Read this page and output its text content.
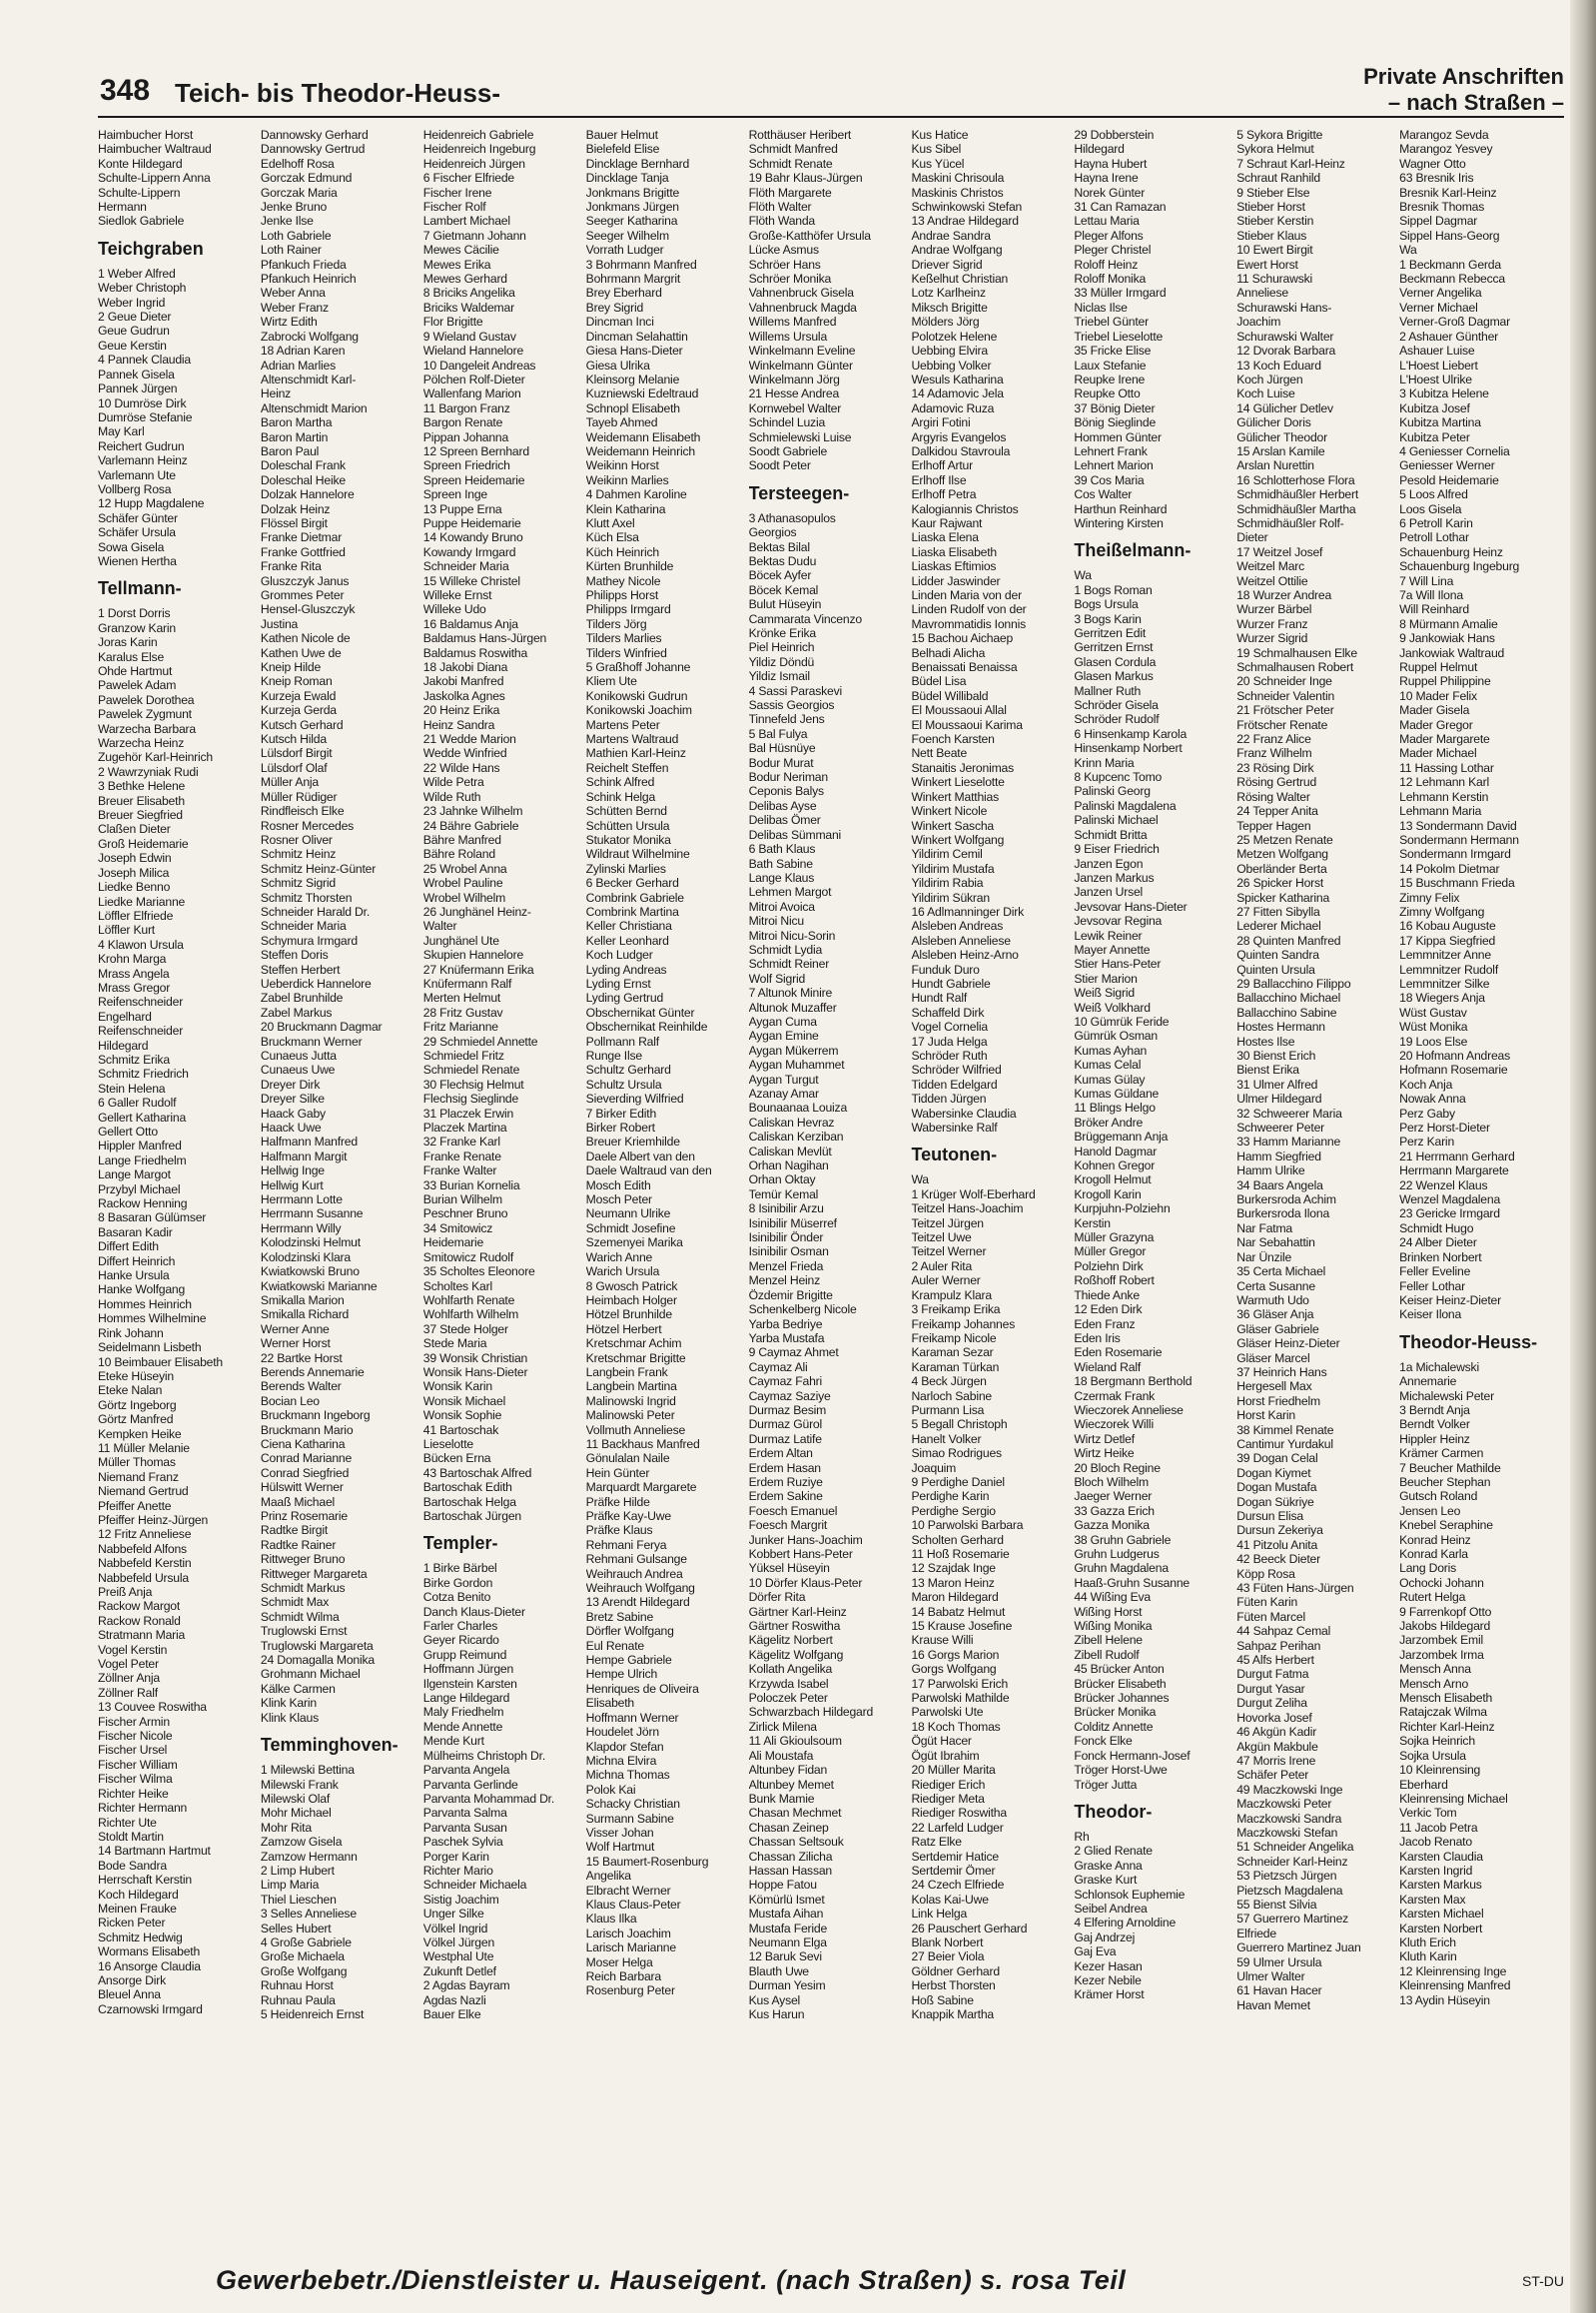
348 Teich- bis Theodor-Heuss-
Private Anschriften
– nach Straßen –
Haimbucher Horst
Haimbucher Waltraud
Konte Hildegard
Schulte-Lippern Anna
Schulte-Lippern
Hermann
Siedlok Gabriele
Teichgraben
1 Weber Alfred
Weber Christoph
Weber Ingrid
2 Geue Dieter
Geue Gudrun
Geue Kerstin
4 Pannek Claudia
Pannek Gisela
Pannek Jürgen
10 Dumröse Dirk
Dumröse Stefanie
May Karl
Reichert Gudrun
Varlemann Heinz
Varlemann Ute
Vollberg Rosa
12 Hupp Magdalene
Schäfer Günter
Schäfer Ursula
Sowa Gisela
Wienen Hertha
Tellmann-
1 Dorst Dorris
Granzow Karin
Joras Karin
Karalus Else
Ohde Hartmut
Pawelek Adam
Pawelek Dorothea
Pawelek Zygmunt
Warzecha Barbara
Warzecha Heinz
Zugehör Karl-Heinrich
2 Wawrzyniak Rudi
3 Bethke Helene
Breuer Elisabeth
Breuer Siegfried
Claßen Dieter
Groß Heidemarie
Joseph Edwin
Joseph Milica
Liedke Benno
Liedke Marianne
Löffler Elfriede
Löffler Kurt
4 Klawon Ursula
Krohn Marga
Mrass Angela
Mrass Gregor
Reifenschneider
Engelhard
Reifenschneider
Hildegard
Schmitz Erika
Schmitz Friedrich
Stein Helena
6 Galler Rudolf
Gellert Katharina
Gellert Otto
Hippler Manfred
Lange Friedhelm
Lange Margot
Przybyl Michael
Rackow Henning
8 Basaran Gülümser
Basaran Kadir
Differt Edith
Differt Heinrich
Hanke Ursula
Hanke Wolfgang
Hommes Heinrich
Hommes Wilhelmine
Rink Johann
Seidelmann Lisbeth
10 Beimbauer Elisabeth
Eteke Hüseyin
Eteke Nalan
Görtz Ingeborg
Görtz Manfred
Kempken Heike
11 Müller Melanie
Müller Thomas
Niemand Franz
Niemand Gertrud
Pfeiffer Anette
Pfeiffer Heinz-Jürgen
12 Fritz Anneliese
Nabbefeld Alfons
Nabbefeld Kerstin
Nabbefeld Ursula
Preiß Anja
Rackow Margot
Rackow Ronald
Stratmann Maria
Vogel Kerstin
Vogel Peter
Zöllner Anja
Zöllner Ralf
13 Couvee Roswitha
Fischer Armin
Fischer Nicole
Fischer Ursel
Fischer William
Fischer Wilma
Richter Heike
Richter Hermann
Richter Ute
Stoldt Martin
14 Bartmann Hartmut
Bode Sandra
Herrschaft Kerstin
Koch Hildegard
Meinen Frauke
Ricken Peter
Schmitz Hedwig
Wormans Elisabeth
16 Ansorge Claudia
Ansorge Dirk
Bleuel Anna
Czarnowski Irmgard
Dannowsky Gerhard
Dannowsky Gertrud
Edelhoff Rosa
Gorczak Edmund
Gorczak Maria
Jenke Bruno
Jenke Ilse
Loth Gabriele
Loth Rainer
Pfankuch Frieda
Pfankuch Heinrich
Weber Anna
Weber Franz
Wirtz Edith
Zabrocki Wolfgang
18 Adrian Karen
Adrian Marlies
Altenschmidt Karl-
Heinz
Altenschmidt Marion
Baron Martha
Baron Martin
Baron Paul
Doleschal Frank
Doleschal Heike
Dolzak Hannelore
Dolzak Heinz
Flössel Birgit
Franke Dietmar
Franke Gottfried
Franke Rita
Gluszczyk Janus
Grommes Peter
Hensel-Gluszczyk
Justina
Kathen Nicole de
Kathen Uwe de
Kneip Hilde
Kneip Roman
Kurzeja Ewald
Kurzeja Gerda
Kutsch Gerhard
Kutsch Hilda
Lülsdorf Birgit
Lülsdorf Olaf
Müller Anja
Müller Rüdiger
Rindfleisch Elke
Rosner Mercedes
Rosner Oliver
Schmitz Heinz
Schmitz Heinz-Günter
Schmitz Sigrid
Schmitz Thorsten
Schneider Harald Dr.
Schneider Maria
Schymura Irmgard
Steffen Doris
Steffen Herbert
Ueberdick Hannelore
Zabel Brunhilde
Zabel Markus
20 Bruckmann Dagmar
Bruckmann Werner
Cunaeus Jutta
Cunaeus Uwe
Dreyer Dirk
Dreyer Silke
Haack Gaby
Haack Uwe
Halfmann Manfred
Halfmann Margit
Hellwig Inge
Hellwig Kurt
Herrmann Lotte
Herrmann Susanne
Herrmann Willy
Kolodzinski Helmut
Kolodzinski Klara
Kwiatkowski Bruno
Kwiatkowski Marianne
Smikalla Marion
Smikalla Richard
Werner Anne
Werner Horst
22 Bartke Horst
Berends Annemarie
Berends Walter
Bocian Leo
Bruckmann Ingeborg
Bruckmann Mario
Ciena Katharina
Conrad Marianne
Conrad Siegfried
Hülswitt Werner
Maaß Michael
Prinz Rosemarie
Radtke Birgit
Radtke Rainer
Rittweger Bruno
Rittweger Margareta
Schmidt Markus
Schmidt Max
Schmidt Wilma
Truglowski Ernst
Truglowski Margareta
24 Domagalla Monika
Grohmann Michael
Kälke Carmen
Klink Karin
Klink Klaus
Temminghoven-
1 Milewski Bettina
Milewski Frank
Milewski Olaf
Mohr Michael
Mohr Rita
Zamzow Gisela
Zamzow Hermann
2 Limp Hubert
Limp Maria
Thiel Lieschen
3 Selles Anneliese
Selles Hubert
4 Große Gabriele
Große Michaela
Große Wolfgang
Ruhnau Horst
Ruhnau Paula
5 Heidenreich Ernst
Heidenreich Gabriele
Heidenreich Ingeburg
Heidenreich Jürgen
6 Fischer Elfriede
Fischer Irene
Fischer Rolf
Lambert Michael
7 Gietmann Johann
Mewes Cäcilie
Mewes Erika
Mewes Gerhard
8 Briciks Angelika
Briciks Waldemar
Flor Brigitte
9 Wieland Gustav
Wieland Hannelore
10 Dangeleit Andreas
Pölchen Rolf-Dieter
Wallenfang Marion
11 Bargon Franz
Bargon Renate
Pippan Johanna
12 Spreen Bernhard
Spreen Friedrich
Spreen Heidemarie
Spreen Inge
13 Puppe Erna
Puppe Heidemarie
14 Kowandy Bruno
Kowandy Irmgard
Schneider Maria
15 Willeke Christel
Willeke Ernst
Willeke Udo
16 Baldamus Anja
Baldamus Hans-Jürgen
Baldamus Roswitha
18 Jakobi Diana
Jakobi Manfred
Jaskolka Agnes
20 Heinz Erika
Heinz Sandra
21 Wedde Marion
Wedde Winfried
22 Wilde Hans
Wilde Petra
Wilde Ruth
23 Jahnke Wilhelm
24 Bähre Gabriele
Bähre Manfred
Bähre Roland
25 Wrobel Anna
Wrobel Pauline
Wrobel Wilhelm
26 Junghänel Heinz-
Walter
Junghänel Ute
Skupien Hannelore
27 Knüfermann Erika
Knüfermann Ralf
Merten Helmut
28 Fritz Gustav
Fritz Marianne
29 Schmiedel Annette
Schmiedel Fritz
Schmiedel Renate
30 Flechsig Helmut
Flechsig Sieglinde
31 Placzek Erwin
Placzek Martina
32 Franke Karl
Franke Renate
Franke Walter
33 Burian Kornelia
Burian Wilhelm
Peschner Bruno
34 Smitowicz
Heidemarie
Smitowicz Rudolf
35 Scholtes Eleonore
Scholtes Karl
Wohlfarth Renate
Wohlfarth Wilhelm
37 Stede Holger
Stede Maria
39 Wonsik Christian
Wonsik Hans-Dieter
Wonsik Karin
Wonsik Michael
Wonsik Sophie
41 Bartoschak
Lieselotte
Bücken Erna
43 Bartoschak Alfred
Bartoschak Edith
Bartoschak Helga
Bartoschak Jürgen
Templer-
1 Birke Bärbel
Birke Gordon
Cotza Benito
Danch Klaus-Dieter
Farler Charles
Geyer Ricardo
Grupp Reimund
Hoffmann Jürgen
Ilgenstein Karsten
Lange Hildegard
Maly Friedhelm
Mende Annette
Mende Kurt
Mülheims Christoph Dr.
Parvanta Angela
Parvanta Gerlinde
Parvanta Mohammad Dr.
Parvanta Salma
Parvanta Susan
Paschek Sylvia
Porger Karin
Richter Mario
Schneider Michaela
Sistig Joachim
Unger Silke
Völkel Ingrid
Völkel Jürgen
Westphal Ute
Zukunft Detlef
2 Agdas Bayram
Agdas Nazli
Bauer Elke
Bauer Helmut
Bielefeld Elise
Dincklage Bernhard
Dincklage Tanja
Jonkmans Brigitte
Jonkmans Jürgen
Seeger Katharina
Seeger Wilhelm
Vorrath Ludger
3 Bohrmann Manfred
Bohrmann Margrit
Brey Eberhard
Brey Sigrid
Dincman Inci
Dincman Selahattin
Giesa Hans-Dieter
Giesa Ulrika
Kleinsorg Melanie
Kuzniewski Edeltraud
Schnopl Elisabeth
Tayeb Ahmed
Weidemann Elisabeth
Weidemann Heinrich
Weikinn Horst
Weikinn Marlies
4 Dahmen Karoline
Klein Katharina
Klutt Axel
Küch Elsa
Küch Heinrich
Kürten Brunhilde
Mathey Nicole
Philipps Horst
Philipps Irmgard
Tilders Jörg
Tilders Marlies
Tilders Winfried
5 Graßhoff Johanne
Kliem Ute
Konikowski Gudrun
Konikowski Joachim
Martens Peter
Martens Waltraud
Mathien Karl-Heinz
Reichelt Steffen
Schink Alfred
Schink Helga
Schütten Bernd
Schütten Ursula
Stukator Monika
Wildraut Wilhelmine
Zylinski Marlies
6 Becker Gerhard
Combrink Gabriele
Combrink Martina
Keller Christiana
Keller Leonhard
Koch Ludger
Lyding Andreas
Lyding Ernst
Lyding Gertrud
Obschernikat Günter
Obschernikat Reinhilde
Pollmann Ralf
Runge Ilse
Schultz Gerhard
Schultz Ursula
Sieverding Wilfried
7 Birker Edith
Birker Robert
Breuer Kriemhilde
Daele Albert van den
Daele Waltraud van den
Mosch Edith
Mosch Peter
Neumann Ulrike
Schmidt Josefine
Szemenyei Marika
Warich Anne
Warich Ursula
8 Gwosch Patrick
Heimbach Holger
Hötzel Brunhilde
Hötzel Herbert
Kretschmar Achim
Kretschmar Brigitte
Langbein Frank
Langbein Martina
Malinowski Ingrid
Malinowski Peter
Vollmuth Anneliese
11 Backhaus Manfred
Gönulalan Naile
Hein Günter
Marquardt Margarete
Präfke Hilde
Präfke Kay-Uwe
Präfke Klaus
Rehmani Ferya
Rehmani Gulsange
Weihrauch Andrea
Weihrauch Wolfgang
13 Arendt Hildegard
Bretz Sabine
Dörfler Wolfgang
Eul Renate
Hempe Gabriele
Hempe Ulrich
Henriques de Oliveira
Elisabeth
Hoffmann Werner
Houdelet Jörn
Klapdor Stefan
Michna Elvira
Michna Thomas
Polok Kai
Schacky Christian
Surmann Sabine
Visser Johan
Wolf Hartmut
15 Baumert-Rosenburg
Angelika
Elbracht Werner
Klaus Claus-Peter
Klaus Ilka
Larisch Joachim
Larisch Marianne
Moser Helga
Reich Barbara
Rosenburg Peter
Rotthäuser Heribert
Schmidt Manfred
Schmidt Renate
19 Bahr Klaus-Jürgen
Flöth Margarete
Flöth Walter
Flöth Wanda
Große-Katthöfer Ursula
Lücke Asmus
Schröer Hans
Schröer Monika
Vahnenbruck Gisela
Vahnenbruck Magda
Willems Manfred
Willems Ursula
Winkelmann Eveline
Winkelmann Günter
Winkelmann Jörg
21 Hesse Andrea
Kornwebel Walter
Schindel Luzia
Schmielewski Luise
Soodt Gabriele
Soodt Peter
Tersteegen-
3 Athanasopulos
Georgios
Bektas Bilal
Bektas Dudu
Böcek Ayfer
Böcek Kemal
Bulut Hüseyin
Cammarata Vincenzo
Krönke Erika
Piel Heinrich
Yildiz Döndü
Yildiz Ismail
4 Sassi Paraskevi
Sassis Georgios
Tinnefeld Jens
5 Bal Fulya
Bal Hüsnüye
Bodur Murat
Bodur Neriman
Ceponis Balys
Delibas Ayse
Delibas Ömer
Delibas Sümmani
6 Bath Klaus
Bath Sabine
Lange Klaus
Lehmen Margot
Mitroi Avoica
Mitroi Nicu
Mitroi Nicu-Sorin
Schmidt Lydia
Schmidt Reiner
Wolf Sigrid
7 Altunok Minire
Altunok Muzaffer
Aygan Cuma
Aygan Emine
Aygan Mükerrem
Aygan Muhammet
Aygan Turgut
Azanay Amar
Bounaanaa Louiza
Caliskan Hevraz
Caliskan Kerziban
Caliskan Mevlüt
Orhan Nagihan
Orhan Oktay
Temür Kemal
8 Isinibilir Arzu
Isinibilir Müserref
Isinibilir Önder
Isinibilir Osman
Menzel Frieda
Menzel Heinz
Özdemir Brigitte
Schenkelberg Nicole
Yarba Bedriye
Yarba Mustafa
9 Caymaz Ahmet
Caymaz Ali
Caymaz Fahri
Caymaz Saziye
Durmaz Besim
Durmaz Gürol
Durmaz Latife
Erdem Altan
Erdem Hasan
Erdem Ruziye
Erdem Sakine
Foesch Emanuel
Foesch Margrit
Junker Hans-Joachim
Kobbert Hans-Peter
Yüksel Hüseyin
10 Dörfer Klaus-Peter
Dörfer Rita
Gärtner Karl-Heinz
Gärtner Roswitha
Kägelitz Norbert
Kägelitz Wolfgang
Kollath Angelika
Krzywda Isabel
Poloczek Peter
Schwarzbach Hildegard
Zirlick Milena
11 Ali Gkioulsoum
Ali Moustafa
Altunbey Fidan
Altunbey Memet
Bunk Mamie
Chasan Mechmet
Chasan Zeinep
Chassan Seltsouk
Chassan Zilicha
Hassan Hassan
Hoppe Fatou
Kömürlü Ismet
Mustafa Aihan
Mustafa Feride
Neumann Elga
12 Baruk Sevi
Blauth Uwe
Durman Yesim
Kus Aysel
Kus Harun
Kus Hatice
Kus Sibel
Kus Yücel
Maskini Chrisoula
Maskinis Christos
Schwinkowski Stefan
13 Andrae Hildegard
Andrae Sandra
Andrae Wolfgang
Driever Sigrid
Keßelhut Christian
Lotz Karlheinz
Miksch Brigitte
Mölders Jörg
Polotzek Helene
Uebbing Elvira
Uebbing Volker
Wesuls Katharina
14 Adamovic Jela
Adamovic Ruza
Argiri Fotini
Argyris Evangelos
Dalkidou Stavroula
Erlhoff Artur
Erlhoff Ilse
Erlhoff Petra
Kalogiannis Christos
Kaur Rajwant
Liaska Elena
Liaska Elisabeth
Liaskas Eftimios
Lidder Jaswinder
Linden Maria von der
Linden Rudolf von der
Mavrommatidis Ionnis
15 Bachou Aichaep
Belhadi Alicha
Benaissati Benaissa
Büdel Lisa
Büdel Willibald
El Moussaoui Allal
El Moussaoui Karima
Foench Karsten
Nett Beate
Stanaitis Jeronimas
Winkert Lieselotte
Winkert Matthias
Winkert Nicole
Winkert Sascha
Winkert Wolfgang
Yildirim Cemil
Yildirim Mustafa
Yildirim Rabia
Yildirim Sükran
16 Adlmanninger Dirk
Alsleben Andreas
Alsleben Anneliese
Alsleben Heinz-Arno
Funduk Duro
Hundt Gabriele
Hundt Ralf
Schaffeld Dirk
Vogel Cornelia
17 Juda Helga
Schröder Ruth
Schröder Wilfried
Tidden Edelgard
Tidden Jürgen
Wabersinke Claudia
Wabersinke Ralf
Teutonen-
Wa
1 Krüger Wolf-Eberhard
Teitzel Hans-Joachim
Teitzel Jürgen
Teitzel Uwe
Teitzel Werner
2 Auler Rita
Auler Werner
Krampulz Klara
3 Freikamp Erika
Freikamp Johannes
Freikamp Nicole
Karaman Sezar
Karaman Türkan
4 Beck Jürgen
Narloch Sabine
Purmann Lisa
5 Begall Christoph
Hanelt Volker
Simao Rodrigues
Joaquim
9 Perdighe Daniel
Perdighe Karin
Perdighe Sergio
10 Parwolski Barbara
Scholten Gerhard
11 Hoß Rosemarie
12 Szajdak Inge
13 Maron Heinz
Maron Hildegard
14 Babatz Helmut
15 Krause Josefine
Krause Willi
16 Gorgs Marion
Gorgs Wolfgang
17 Parwolski Erich
Parwolski Mathilde
Parwolski Ute
18 Koch Thomas
Ögüt Hacer
Ögüt Ibrahim
20 Müller Marita
Riediger Erich
Riediger Meta
Riediger Roswitha
22 Larfeld Ludger
Ratz Elke
Sertdemir Hatice
Sertdemir Ömer
24 Czech Elfriede
Kolas Kai-Uwe
Link Helga
26 Pauschert Gerhard
Blank Norbert
27 Beier Viola
Göldner Gerhard
Herbst Thorsten
Hoß Sabine
Knappik Martha
29 Dobberstein
Hildegard
Hayna Hubert
Hayna Irene
Norek Günter
31 Can Ramazan
Lettau Maria
Pleger Alfons
Pleger Christel
Roloff Heinz
Roloff Monika
33 Müller Irmgard
Niclas Ilse
Triebel Günter
Triebel Lieselotte
35 Fricke Elise
Laux Stefanie
Reupke Irene
Reupke Otto
37 Bönig Dieter
Bönig Sieglinde
Hommen Günter
Lehnert Frank
Lehnert Marion
39 Cos Maria
Cos Walter
Harthun Reinhard
Wintering Kirsten
Theißelmann-
Wa
1 Bogs Roman
Bogs Ursula
3 Bogs Karin
Gerritzen Edit
Gerritzen Ernst
Glasen Cordula
Glasen Markus
Mallner Ruth
Schröder Gisela
Schröder Rudolf
6 Hinsenkamp Karola
Hinsenkamp Norbert
Krinn Maria
8 Kupcenc Tomo
Palinski Georg
Palinski Magdalena
Palinski Michael
Schmidt Britta
9 Eiser Friedrich
Janzen Egon
Janzen Markus
Janzen Ursel
Jevsovar Hans-Dieter
Jevsovar Regina
Lewik Reiner
Mayer Annette
Stier Hans-Peter
Stier Marion
Weiß Sigrid
Weiß Volkhard
10 Gümrük Feride
Gümrük Osman
Kumas Ayhan
Kumas Celal
Kumas Gülay
Kumas Güldane
11 Blings Helgo
Bröker Andre
Brüggemann Anja
Hanold Dagmar
Kohnen Gregor
Krogoll Helmut
Krogoll Karin
Kurpjuhn-Polziehn
Kerstin
Müller Grazyna
Müller Gregor
Polziehn Dirk
Roßhoff Robert
Thiede Anke
12 Eden Dirk
Eden Franz
Eden Iris
Eden Rosemarie
Wieland Ralf
18 Bergmann Berthold
Czermak Frank
Wieczorek Anneliese
Wieczorek Willi
Wirtz Detlef
Wirtz Heike
20 Bloch Regine
Bloch Wilhelm
Jaeger Werner
33 Gazza Erich
Gazza Monika
38 Gruhn Gabriele
Gruhn Ludgerus
Gruhn Magdalena
Haaß-Gruhn Susanne
44 Wißing Eva
Wißing Horst
Wißing Monika
Zibell Helene
Zibell Rudolf
45 Brücker Anton
Brücker Elisabeth
Brücker Johannes
Brücker Monika
Colditz Annette
Fonck Elke
Fonck Hermann-Josef
Tröger Horst-Uwe
Tröger Jutta
Theodor-
Rh
2 Glied Renate
Graske Anna
Graske Kurt
Schlonsok Euphemie
Seibel Andrea
4 Elfering Arnoldine
Gaj Andrzej
Gaj Eva
Kezer Hasan
Kezer Nebile
Krämer Horst
5 Sykora Brigitte
Sykora Helmut
7 Schraut Karl-Heinz
Schraut Ranhild
9 Stieber Else
Stieber Horst
Stieber Kerstin
Stieber Klaus
10 Ewert Birgit
Ewert Horst
11 Schurawski
Anneliese
Schurawski Hans-
Joachim
Schurawski Walter
12 Dvorak Barbara
13 Koch Eduard
Koch Jürgen
Koch Luise
14 Gülicher Detlev
Gülicher Doris
Gülicher Theodor
15 Arslan Kamile
Arslan Nurettin
16 Schlotterhose Flora
Schmidhäußler Herbert
Schmidhäußler Martha
Schmidhäußler Rolf-
Dieter
17 Weitzel Josef
Weitzel Marc
Weitzel Ottilie
18 Wurzer Andrea
Wurzer Bärbel
Wurzer Franz
Wurzer Sigrid
19 Schmalhausen Elke
Schmalhausen Robert
20 Schneider Inge
Schneider Valentin
21 Frötscher Peter
Frötscher Renate
22 Franz Alice
Franz Wilhelm
23 Rösing Dirk
Rösing Gertrud
Rösing Walter
24 Tepper Anita
Tepper Hagen
25 Metzen Renate
Metzen Wolfgang
Oberländer Berta
26 Spicker Horst
Spicker Katharina
27 Fitten Sibylla
Lederer Michael
28 Quinten Manfred
Quinten Sandra
Quinten Ursula
29 Ballacchino Filippo
Ballacchino Michael
Ballacchino Sabine
Hostes Hermann
Hostes Ilse
30 Bienst Erich
Bienst Erika
31 Ulmer Alfred
Ulmer Hildegard
32 Schweerer Maria
Schweerer Peter
33 Hamm Marianne
Hamm Siegfried
Hamm Ulrike
34 Baars Angela
Burkersroda Achim
Burkersroda Ilona
Nar Fatma
Nar Sebahattin
Nar Ünzile
35 Certa Michael
Certa Susanne
Warmuth Udo
36 Gläser Anja
Gläser Gabriele
Gläser Heinz-Dieter
Gläser Marcel
37 Heinrich Hans
Hergesell Max
Horst Friedhelm
Horst Karin
38 Kimmel Renate
Cantimur Yurdakul
39 Dogan Celal
Dogan Kiymet
Dogan Mustafa
Dogan Sükriye
Dursun Elisa
Dursun Zekeriya
41 Pitzolu Anita
42 Beeck Dieter
Köpp Rosa
43 Füten Hans-Jürgen
Füten Karin
Füten Marcel
44 Sahpaz Cemal
Sahpaz Perihan
45 Alfs Herbert
Durgut Fatma
Durgut Yasar
Durgut Zeliha
Hovorka Josef
46 Akgün Kadir
Akgün Makbule
47 Morris Irene
Schäfer Peter
49 Maczkowski Inge
Maczkowski Peter
Maczkowski Sandra
Maczkowski Stefan
51 Schneider Angelika
Schneider Karl-Heinz
53 Pietzsch Jürgen
Pietzsch Magdalena
55 Bienst Silvia
57 Guerrero Martinez
Elfriede
Guerrero Martinez Juan
59 Ulmer Ursula
Ulmer Walter
61 Havan Hacer
Havan Memet
Marangoz Sevda
Marangoz Yesvey
Wagner Otto
63 Bresnik Iris
Bresnik Karl-Heinz
Bresnik Thomas
Sippel Dagmar
Sippel Hans-Georg
Wa
1 Beckmann Gerda
Beckmann Rebecca
Verner Angelika
Verner Michael
Verner-Groß Dagmar
2 Ashauer Günther
Ashauer Luise
L'Hoest Liebert
L'Hoest Ulrike
3 Kubitza Helene
Kubitza Josef
Kubitza Martina
Kubitza Peter
4 Geniesser Cornelia
Geniesser Werner
Pesold Heidemarie
5 Loos Alfred
Loos Gisela
6 Petroll Karin
Petroll Lothar
Schauenburg Heinz
Schauenburg Ingeburg
7 Will Lina
7a Will Ilona
Will Reinhard
8 Mürmann Amalie
9 Jankowiak Hans
Jankowiak Waltraud
Ruppel Helmut
Ruppel Philippine
10 Mader Felix
Mader Gisela
Mader Gregor
Mader Margarete
Mader Michael
11 Hassing Lothar
12 Lehmann Karl
Lehmann Kerstin
Lehmann Maria
13 Sondermann David
Sondermann Hermann
Sondermann Irmgard
14 Pokolm Dietmar
15 Buschmann Frieda
Zimny Felix
Zimny Wolfgang
16 Kobau Auguste
17 Kippa Siegfried
Lemmnitzer Anne
Lemmnitzer Rudolf
Lemmnitzer Silke
18 Wiegers Anja
Wüst Gustav
Wüst Monika
19 Loos Else
20 Hofmann Andreas
Hofmann Rosemarie
Koch Anja
Nowak Anna
Perz Gaby
Perz Horst-Dieter
Perz Karin
21 Herrmann Gerhard
Herrmann Margarete
22 Wenzel Klaus
Wenzel Magdalena
23 Gericke Irmgard
Schmidt Hugo
24 Alber Dieter
Brinken Norbert
Feller Eveline
Feller Lothar
Keiser Heinz-Dieter
Keiser Ilona
Theodor-Heuss-
1a Michalewski
Annemarie
Michalewski Peter
3 Berndt Anja
Berndt Volker
Hippler Heinz
Krämer Carmen
7 Beucher Mathilde
Beucher Stephan
Gutsch Roland
Jensen Leo
Knebel Seraphine
Konrad Heinz
Konrad Karla
Lang Doris
Ochocki Johann
Rutert Helga
9 Farrenkopf Otto
Jakobs Hildegard
Jarzombek Emil
Jarzombek Irma
Mensch Anna
Mensch Arno
Mensch Elisabeth
Ratajczak Wilma
Richter Karl-Heinz
Sojka Heinrich
Sojka Ursula
10 Kleinrensing
Eberhard
Kleinrensing Michael
Verkic Tom
11 Jacob Petra
Jacob Renato
Karsten Claudia
Karsten Ingrid
Karsten Markus
Karsten Max
Karsten Michael
Karsten Norbert
Kluth Erich
Kluth Karin
12 Kleinrensing Inge
Kleinrensing Manfred
13 Aydin Hüseyin
Gewerbebetr./Dienstleister u. Hauseigent. (nach Straßen) s. rosa Teil	ST-DU
